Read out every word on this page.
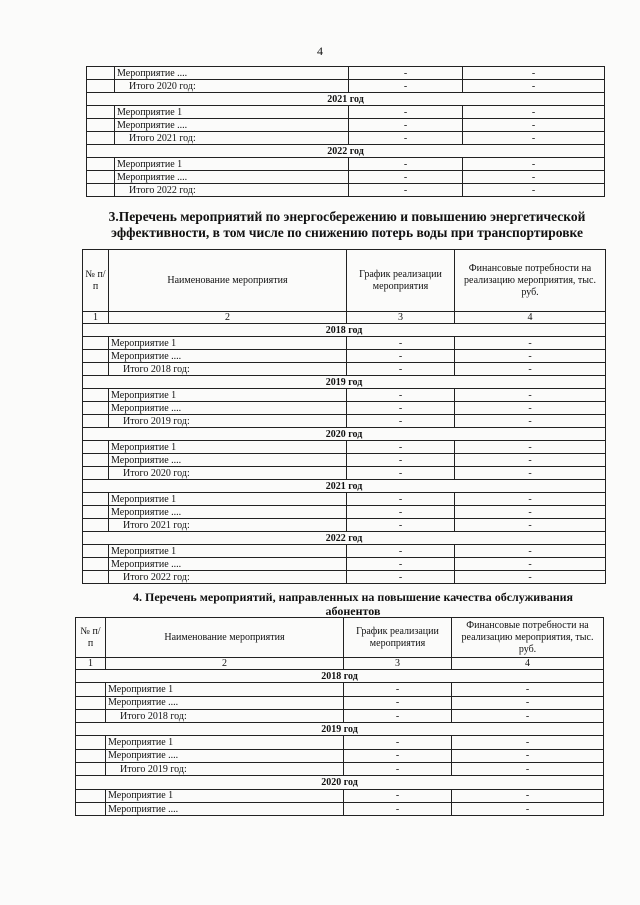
4
	Мероприятие ....	-	-
	Итого 2020 год:	-	-
2021 год			
	Мероприятие 1	-	-
	Мероприятие ....	-	-
	Итого 2021 год:	-	-
2022 год			
	Мероприятие 1	-	-
	Мероприятие ....	-	-
	Итого 2022 год:	-	-
3.Перечень мероприятий по энергосбережению и повышению энергетической эффективности, в том числе по снижению потерь воды при транспортировке
№ п/п	Наименование мероприятия	График реализации мероприятия	Финансовые потребности на реализацию мероприятия, тыс. руб.
1	2	3	4
2018 год			
	Мероприятие 1	-	-
	Мероприятие ....	-	-
	Итого 2018 год:	-	-
2019 год			
	Мероприятие 1	-	-
	Мероприятие ....	-	-
	Итого 2019 год:	-	-
2020 год			
	Мероприятие 1	-	-
	Мероприятие ....	-	-
	Итого 2020 год:	-	-
2021 год			
	Мероприятие 1	-	-
	Мероприятие ....	-	-
	Итого 2021 год:	-	-
2022 год			
	Мероприятие 1	-	-
	Мероприятие ....	-	-
	Итого 2022 год:	-	-
4. Перечень мероприятий, направленных на повышение качества обслуживания абонентов
№ п/п	Наименование мероприятия	График реализации мероприятия	Финансовые потребности на реализацию мероприятия, тыс. руб.
1	2	3	4
2018 год			
	Мероприятие 1	-	-
	Мероприятие ....	-	-
	Итого 2018 год:	-	-
2019 год			
	Мероприятие 1	-	-
	Мероприятие ....	-	-
	Итого 2019 год:	-	-
2020 год			
	Мероприятие 1	-	-
	Мероприятие ....	-	-
